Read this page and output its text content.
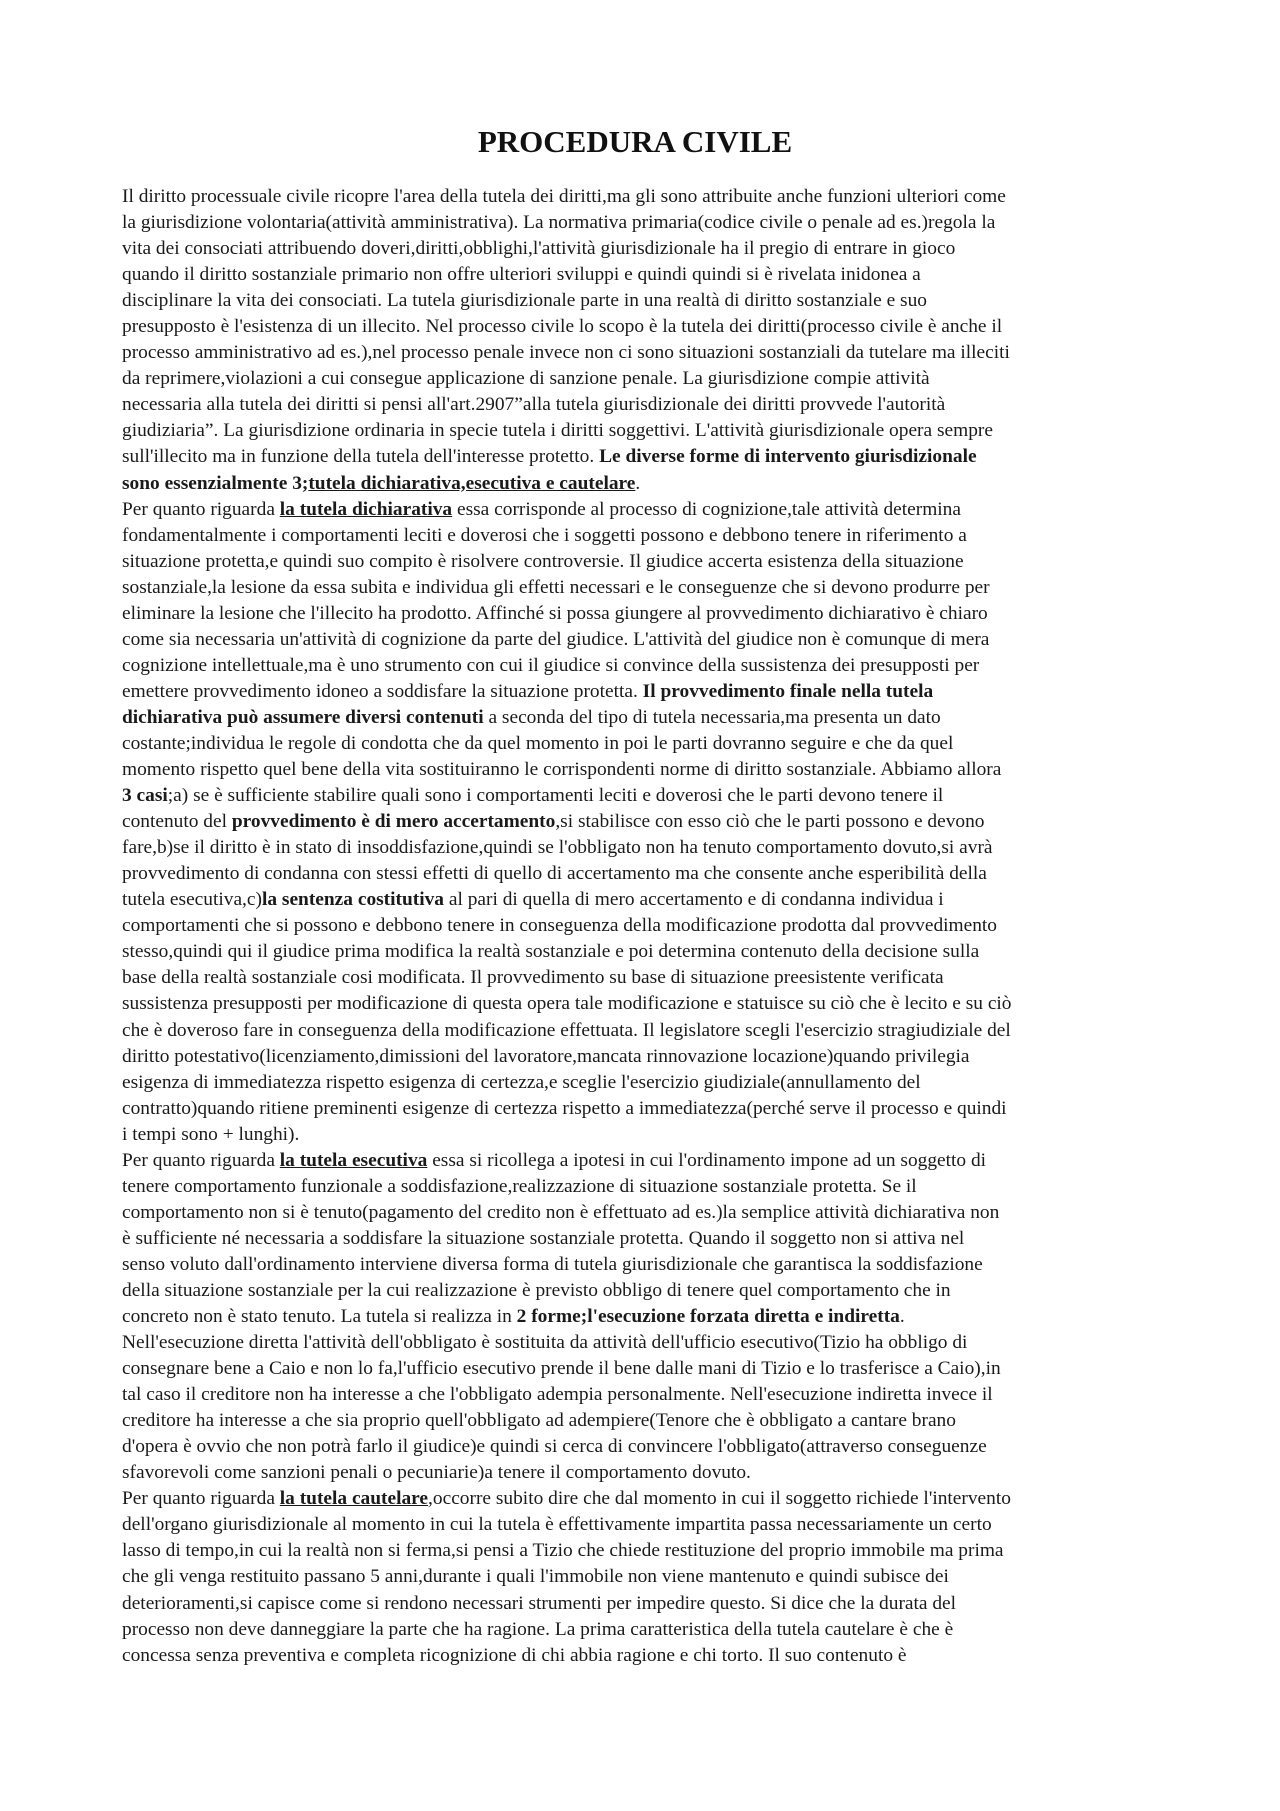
PROCEDURA CIVILE
Il diritto processuale civile ricopre l'area della tutela dei diritti,ma gli sono attribuite anche funzioni ulteriori come
la giurisdizione volontaria(attività amministrativa). La normativa primaria(codice civile o penale ad es.)regola la
vita dei consociati attribuendo doveri,diritti,obblighi,l'attività giurisdizionale ha il pregio di entrare in gioco
quando il diritto sostanziale primario non offre ulteriori sviluppi e quindi quindi si è rivelata inidonea a
disciplinare la vita dei consociati. La tutela giurisdizionale parte in una realtà di diritto sostanziale e suo
presupposto è l'esistenza di un illecito. Nel processo civile lo scopo è la tutela dei diritti(processo civile è anche il
processo amministrativo ad es.),nel processo penale invece non ci sono situazioni sostanziali da tutelare ma illeciti
da reprimere,violazioni a cui consegue applicazione di sanzione penale. La giurisdizione compie attività
necessaria alla tutela dei diritti si pensi all'art.2907”alla tutela giurisdizionale dei diritti provvede l'autorità
giudiziaria”. La giurisdizione ordinaria in specie tutela i diritti soggettivi. L'attività giurisdizionale opera sempre
sull'illecito ma in funzione della tutela dell'interesse protetto. Le diverse forme di intervento giurisdizionale
sono essenzialmente 3;tutela dichiarativa,esecutiva e cautelare.
Per quanto riguarda la tutela dichiarativa essa corrisponde al processo di cognizione,tale attività determina
fondamentalmente i comportamenti leciti e doverosi che i soggetti possono e debbono tenere in riferimento a
situazione protetta,e quindi suo compito è risolvere controversie. Il giudice accerta esistenza della situazione
sostanziale,la lesione da essa subita e individua gli effetti necessari e le conseguenze che si devono produrre per
eliminare la lesione che l'illecito ha prodotto. Affinché si possa giungere al provvedimento dichiarativo è chiaro
come sia necessaria un'attività di cognizione da parte del giudice. L'attività del giudice non è comunque di mera
cognizione intellettuale,ma è uno strumento con cui il giudice si convince della sussistenza dei presupposti per
emettere provvedimento idoneo a soddisfare la situazione protetta. Il provvedimento finale nella tutela
dichiarativa può assumere diversi contenuti a seconda del tipo di tutela necessaria,ma presenta un dato
costante;individua le regole di condotta che da quel momento in poi le parti dovranno seguire e che da quel
momento rispetto quel bene della vita sostituiranno le corrispondenti norme di diritto sostanziale. Abbiamo allora
3 casi;a) se è sufficiente stabilire quali sono i comportamenti leciti e doverosi che le parti devono tenere il
contenuto del provvedimento è di mero accertamento,si stabilisce con esso ciò che le parti possono e devono
fare,b)se il diritto è in stato di insoddisfazione,quindi se l'obbligato non ha tenuto comportamento dovuto,si avrà
provvedimento di condanna con stessi effetti di quello di accertamento ma che consente anche esperibilità della
tutela esecutiva,c)la sentenza costitutiva al pari di quella di mero accertamento e di condanna individua i
comportamenti che si possono e debbono tenere in conseguenza della modificazione prodotta dal provvedimento
stesso,quindi qui il giudice prima modifica la realtà sostanziale e poi determina contenuto della decisione sulla
base della realtà sostanziale cosi modificata. Il provvedimento su base di situazione preesistente verificata
sussistenza presupposti per modificazione di questa opera tale modificazione e statuisce su ciò che è lecito e su ciò
che è doveroso fare in conseguenza della modificazione effettuata. Il legislatore scegli l'esercizio stragiudiziale del
diritto potestativo(licenziamento,dimissioni del lavoratore,mancata rinnovazione locazione)quando privilegia
esigenza di immediatezza rispetto esigenza di certezza,e sceglie l'esercizio giudiziale(annullamento del
contratto)quando ritiene preminenti esigenze di certezza rispetto a immediatezza(perché serve il processo e quindi
i tempi sono + lunghi).
Per quanto riguarda la tutela esecutiva essa si ricollega a ipotesi in cui l'ordinamento impone ad un soggetto di
tenere comportamento funzionale a soddisfazione,realizzazione di situazione sostanziale protetta. Se il
comportamento non si è tenuto(pagamento del credito non è effettuato ad es.)la semplice attività dichiarativa non
è sufficiente né necessaria a soddisfare la situazione sostanziale protetta. Quando il soggetto non si attiva nel
senso voluto dall'ordinamento interviene diversa forma di tutela giurisdizionale che garantisca la soddisfazione
della situazione sostanziale per la cui realizzazione è previsto obbligo di tenere quel comportamento che in
concreto non è stato tenuto. La tutela si realizza in 2 forme;l'esecuzione forzata diretta e indiretta.
Nell'esecuzione diretta l'attività dell'obbligato è sostituita da attività dell'ufficio esecutivo(Tizio ha obbligo di
consegnare bene a Caio e non lo fa,l'ufficio esecutivo prende il bene dalle mani di Tizio e lo trasferisce a Caio),in
tal caso il creditore non ha interesse a che l'obbligato adempia personalmente. Nell'esecuzione indiretta invece il
creditore ha interesse a che sia proprio quell'obbligato ad adempiere(Tenore che è obbligato a cantare brano
d'opera è ovvio che non potrà farlo il giudice)e quindi si cerca di convincere l'obbligato(attraverso conseguenze
sfavorevoli come sanzioni penali o pecuniarie)a tenere il comportamento dovuto.
Per quanto riguarda la tutela cautelare,occorre subito dire che dal momento in cui il soggetto richiede l'intervento
dell'organo giurisdizionale al momento in cui la tutela è effettivamente impartita passa necessariamente un certo
lasso di tempo,in cui la realtà non si ferma,si pensi a Tizio che chiede restituzione del proprio immobile ma prima
che gli venga restituito passano 5 anni,durante i quali l'immobile non viene mantenuto e quindi subisce dei
deterioramenti,si capisce come si rendono necessari strumenti per impedire questo. Si dice che la durata del
processo non deve danneggiare la parte che ha ragione. La prima caratteristica della tutela cautelare è che è
concessa senza preventiva e completa ricognizione di chi abbia ragione e chi torto. Il suo contenuto è
